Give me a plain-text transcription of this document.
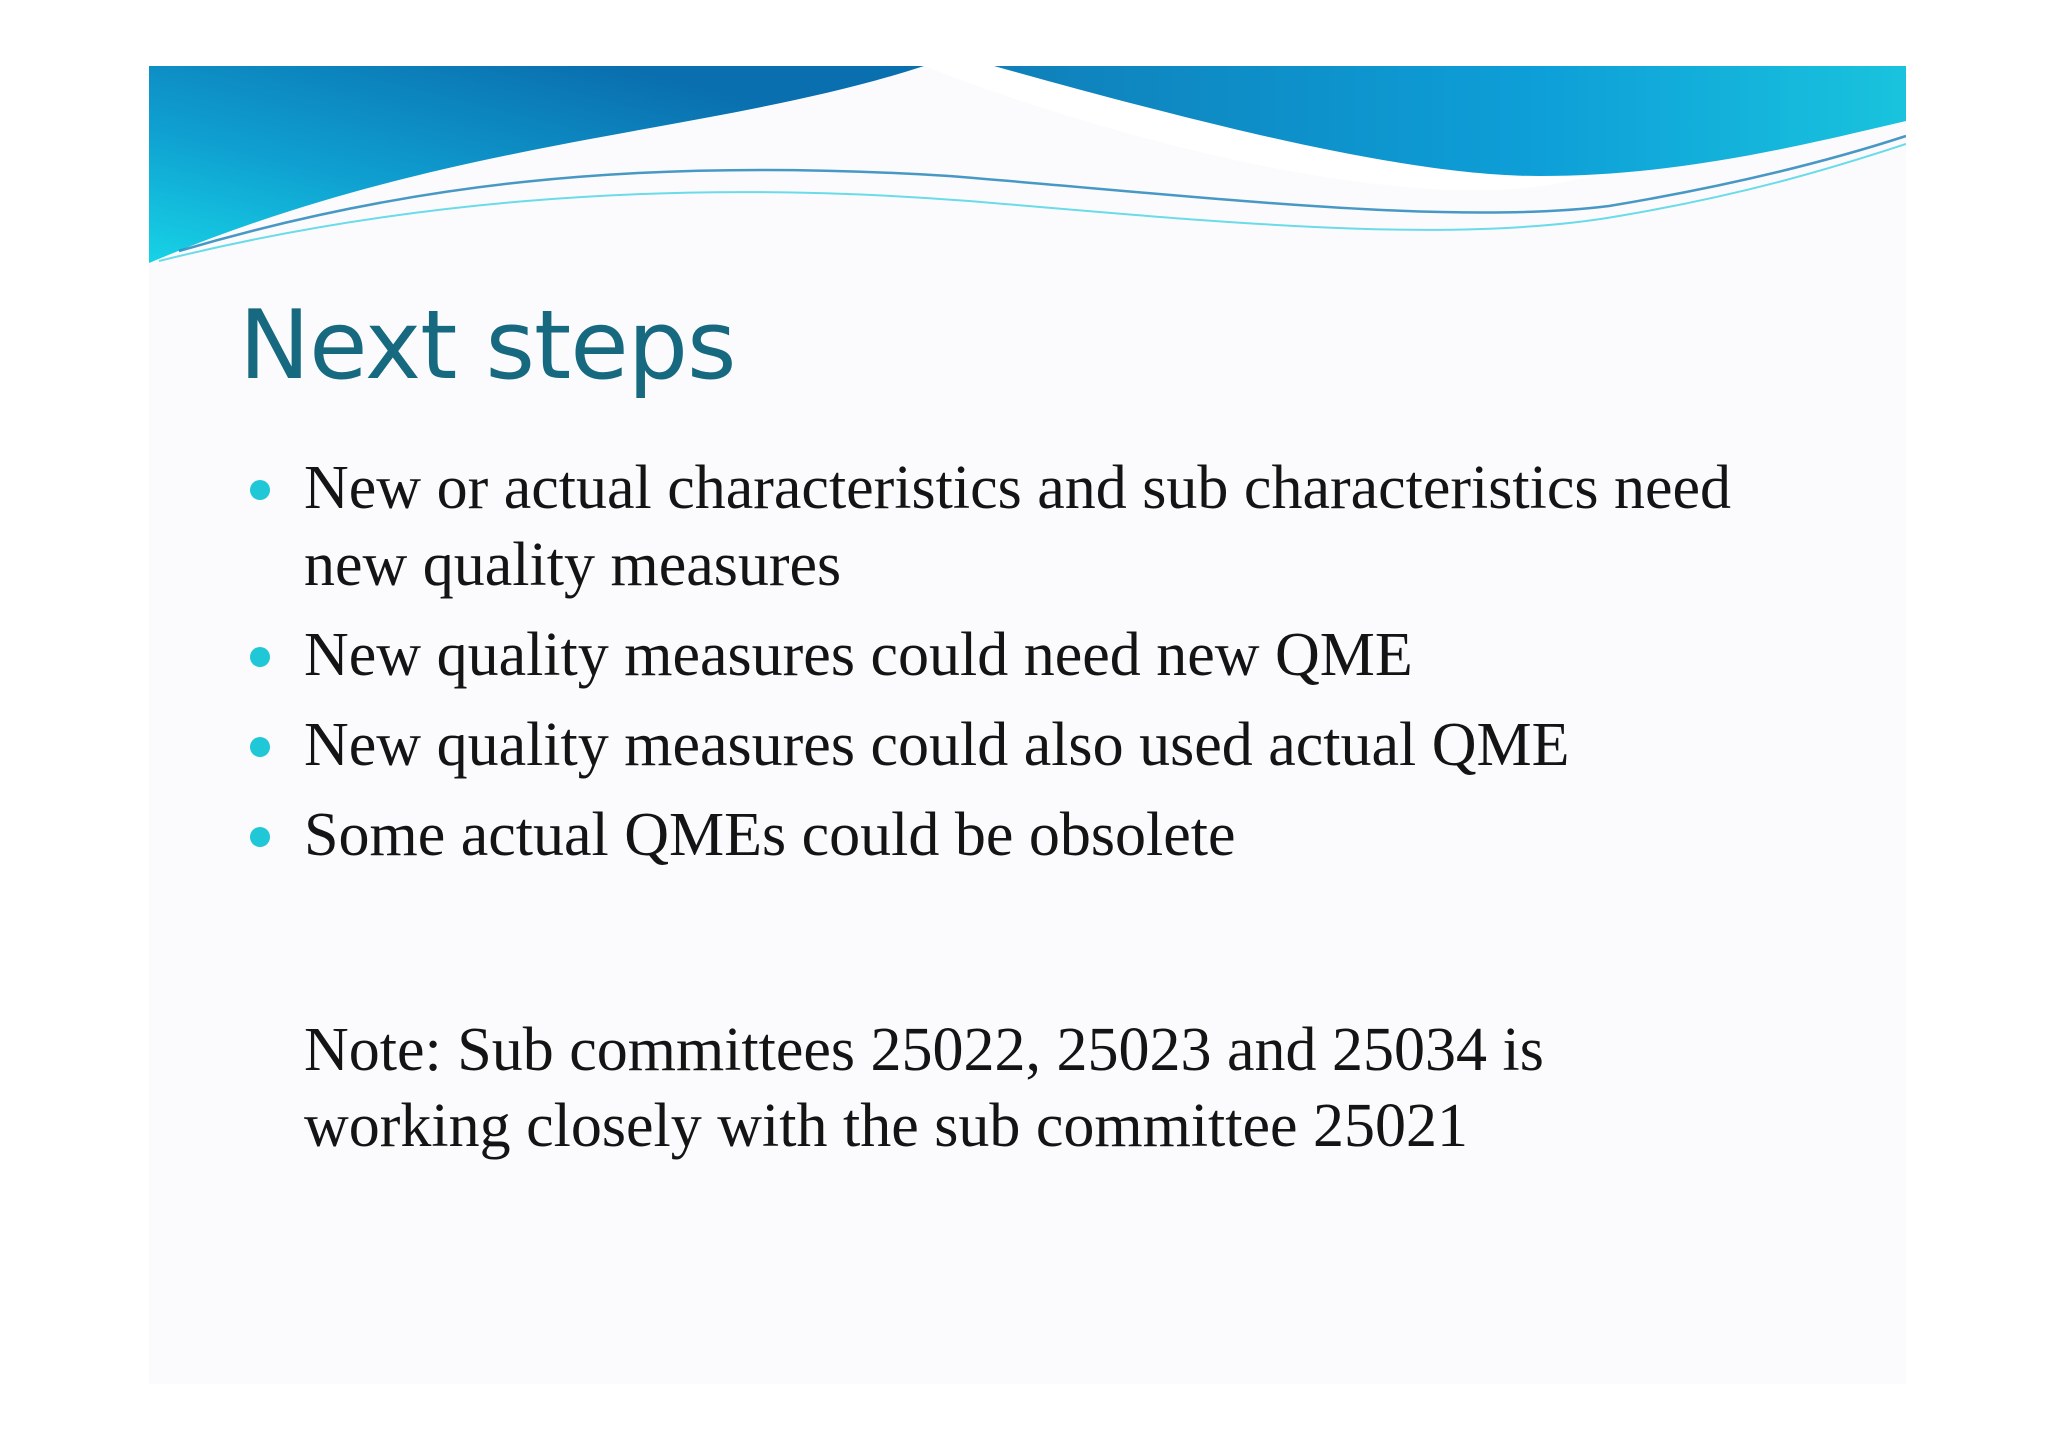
Next steps
New or actual characteristics and sub characteristics need new quality measures
New quality measures could need new QME
New quality measures could also used actual QME
Some actual QMEs could be obsolete

Note: Sub committees 25022, 25023 and 25034 is
working closely with the sub committee 25021
